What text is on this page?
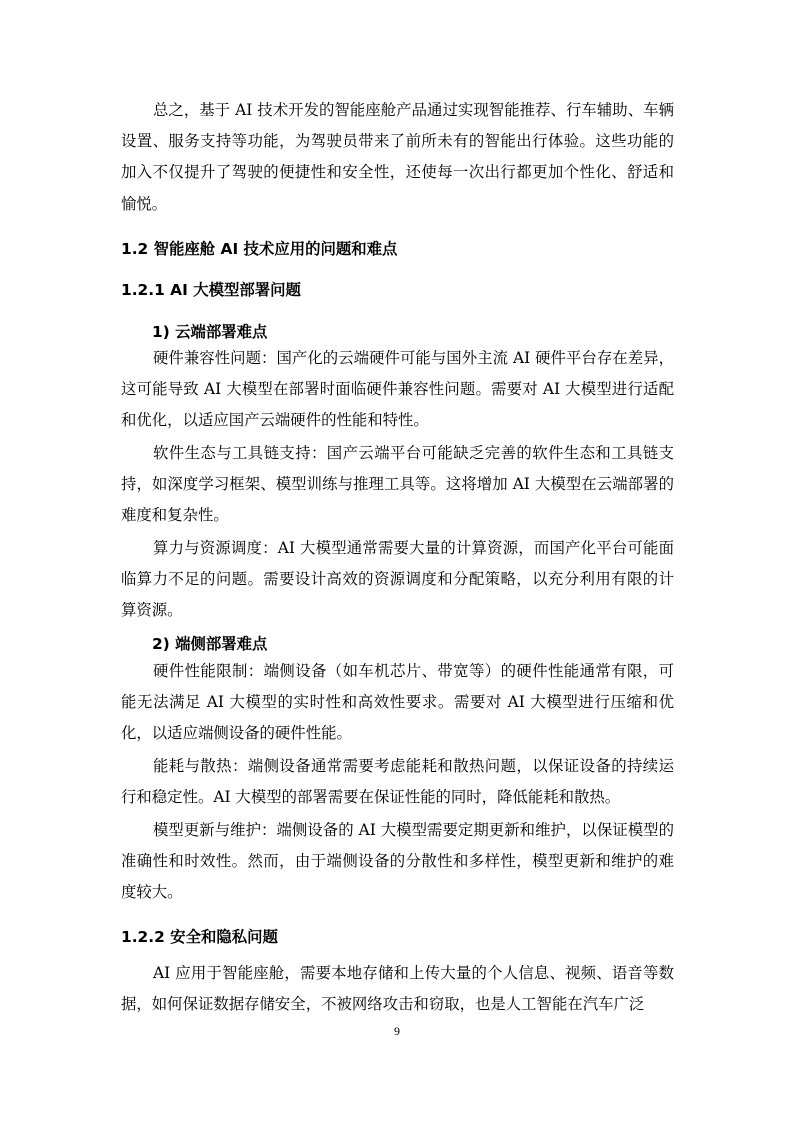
总之，基于 AI 技术开发的智能座舱产品通过实现智能推荐、行车辅助、车辆设置、服务支持等功能，为驾驶员带来了前所未有的智能出行体验。这些功能的加入不仅提升了驾驶的便捷性和安全性，还使每一次出行都更加个性化、舒适和愉悦。

1.2 智能座舱 AI 技术应用的问题和难点
1.2.1 AI 大模型部署问题
1) 云端部署难点

硬件兼容性问题：国产化的云端硬件可能与国外主流 AI 硬件平台存在差异，这可能导致 AI 大模型在部署时面临硬件兼容性问题。需要对 AI 大模型进行适配和优化，以适应国产云端硬件的性能和特性。

软件生态与工具链支持：国产云端平台可能缺乏完善的软件生态和工具链支持，如深度学习框架、模型训练与推理工具等。这将增加 AI 大模型在云端部署的难度和复杂性。

算力与资源调度：AI 大模型通常需要大量的计算资源，而国产化平台可能面临算力不足的问题。需要设计高效的资源调度和分配策略，以充分利用有限的计算资源。

2) 端侧部署难点

硬件性能限制：端侧设备（如车机芯片、带宽等）的硬件性能通常有限，可能无法满足 AI 大模型的实时性和高效性要求。需要对 AI 大模型进行压缩和优化，以适应端侧设备的硬件性能。

能耗与散热：端侧设备通常需要考虑能耗和散热问题，以保证设备的持续运行和稳定性。AI 大模型的部署需要在保证性能的同时，降低能耗和散热。

模型更新与维护：端侧设备的 AI 大模型需要定期更新和维护，以保证模型的准确性和时效性。然而，由于端侧设备的分散性和多样性，模型更新和维护的难度较大。

1.2.2 安全和隐私问题

AI 应用于智能座舱，需要本地存储和上传大量的个人信息、视频、语音等数据，如何保证数据存储安全，不被网络攻击和窃取，也是人工智能在汽车广泛

9
